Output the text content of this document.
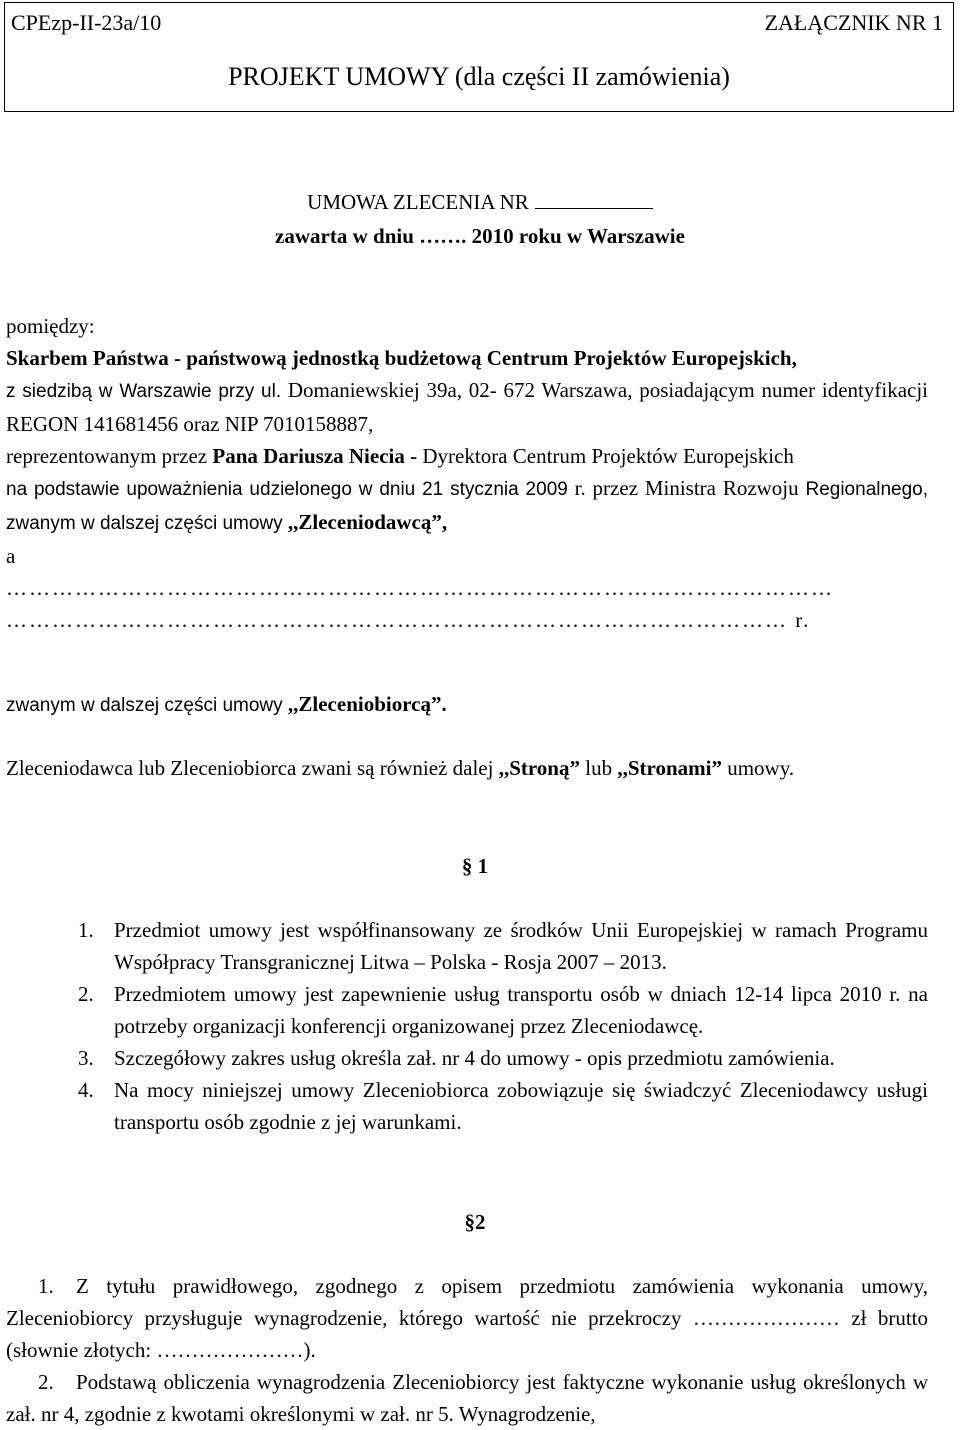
CPEzp-II-23a/10	ZAŁĄCZNIK NR 1
PROJEKT UMOWY (dla części II zamówienia)
UMOWA ZLECENIA NR
zawarta w dniu ……. 2010 roku w Warszawie
pomiędzy:
Skarbem Państwa - państwową jednostką budżetową Centrum Projektów Europejskich,
z siedzibą w Warszawie przy ul. Domaniewskiej 39a, 02- 672 Warszawa, posiadającym numer identyfikacji REGON 141681456 oraz NIP 7010158887,
reprezentowanym przez Pana Dariusza Niecia - Dyrektora Centrum Projektów Europejskich
na podstawie upoważnienia udzielonego w dniu 21 stycznia 2009 r. przez Ministra Rozwoju Regionalnego, zwanym w dalszej części umowy ,,Zleceniodawcą”,
a
………………………………………………………………………………………………
………………………………………………………………………………………… r.
zwanym w dalszej części umowy ,,Zleceniobiorcą”.
Zleceniodawca lub Zleceniobiorca zwani są również dalej ,,Stroną” lub ,,Stronami” umowy.
§ 1
1. Przedmiot umowy jest współfinansowany ze środków Unii Europejskiej w ramach Programu Współpracy Transgranicznej Litwa – Polska - Rosja 2007 – 2013.
2. Przedmiotem umowy jest zapewnienie usług transportu osób w dniach 12-14 lipca 2010 r. na potrzeby organizacji konferencji organizowanej przez Zleceniodawcę.
3. Szczegółowy zakres usług określa zał. nr 4 do umowy - opis przedmiotu zamówienia.
4. Na mocy niniejszej umowy Zleceniobiorca zobowiązuje się świadczyć Zleceniodawcy usługi transportu osób zgodnie z jej warunkami.
§2
1. Z tytułu prawidłowego, zgodnego z opisem przedmiotu zamówienia wykonania umowy, Zleceniobiorcy przysługuje wynagrodzenie, którego wartość nie przekroczy ………………… zł brutto (słownie złotych: …………………).
2. Podstawą obliczenia wynagrodzenia Zleceniobiorcy jest faktyczne wykonanie usług określonych w zał. nr 4, zgodnie z kwotami określonymi w zał. nr 5. Wynagrodzenie,
